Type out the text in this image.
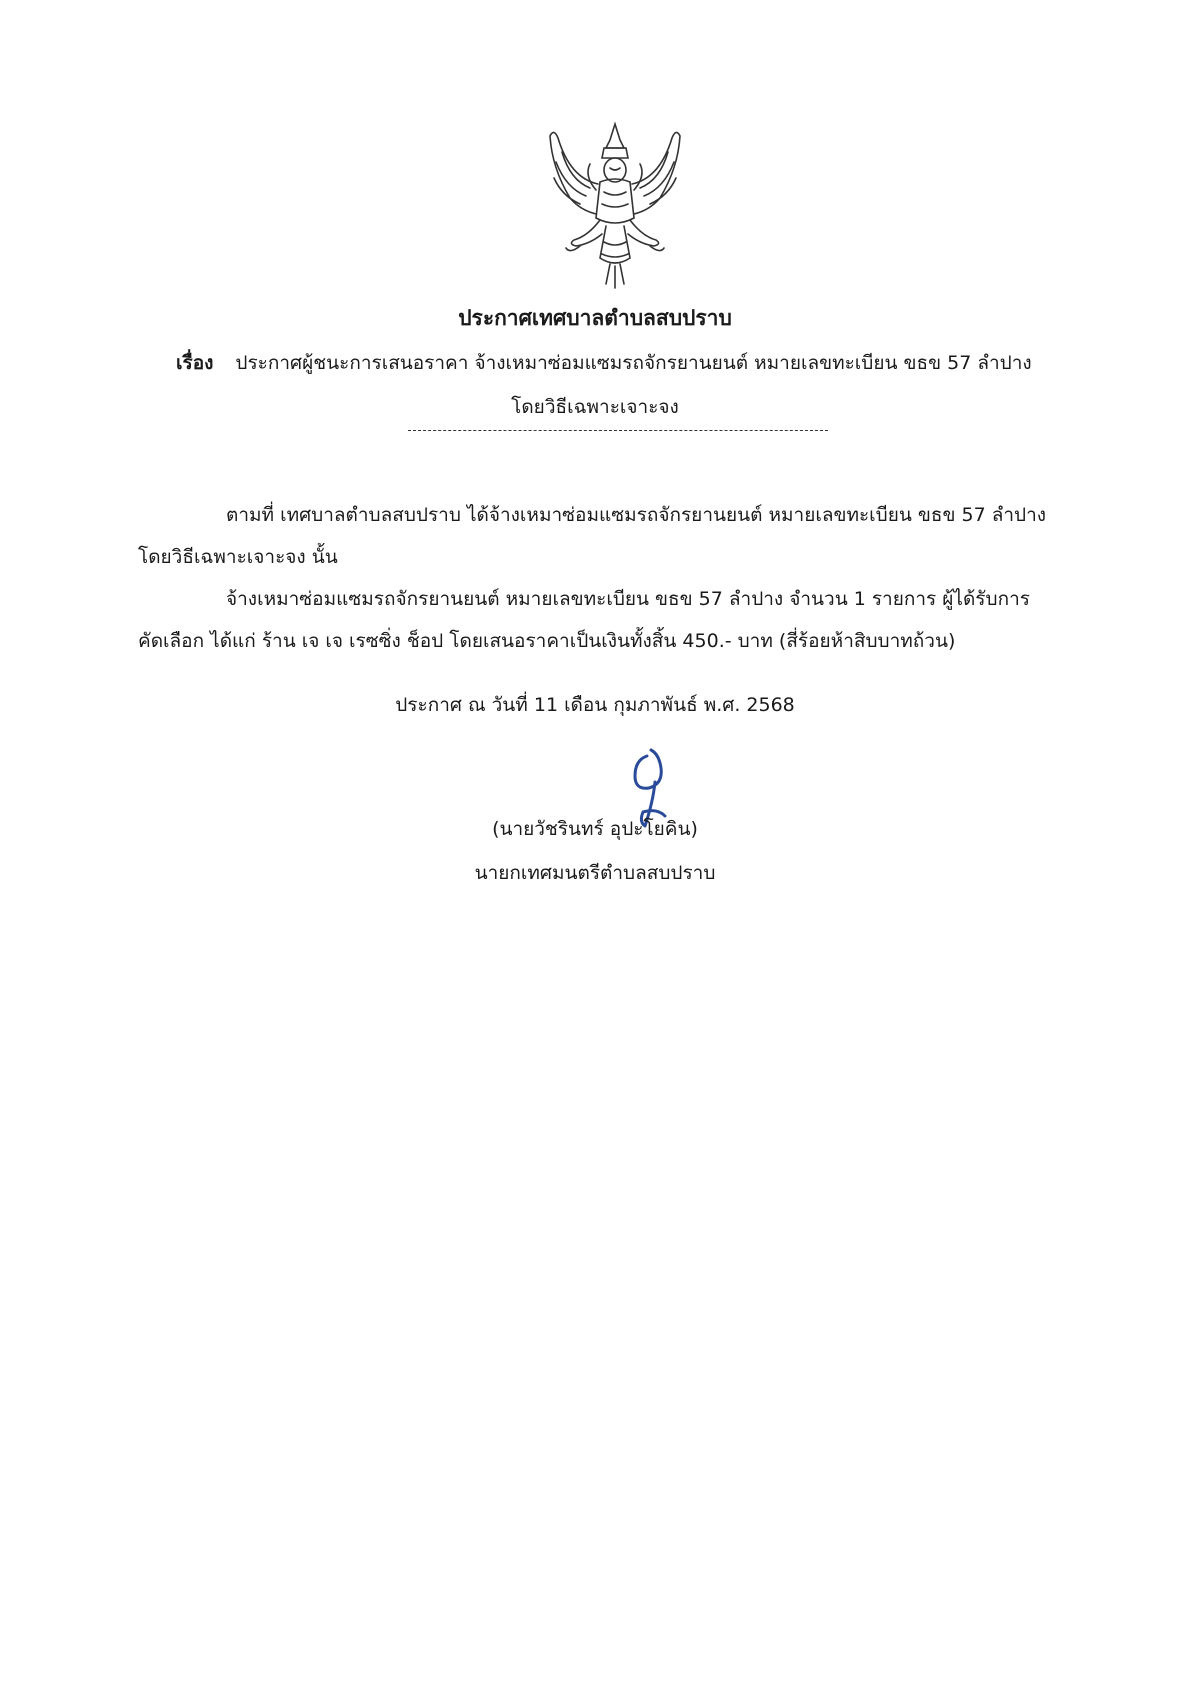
ประกาศเทศบาลตำบลสบปราบ
เรื่อง ประกาศผู้ชนะการเสนอราคา จ้างเหมาซ่อมแซมรถจักรยานยนต์ หมายเลขทะเบียน ขธข 57 ลำปาง
โดยวิธีเฉพาะเจาะจง
ตามที่ เทศบาลตำบลสบปราบ ได้จ้างเหมาซ่อมแซมรถจักรยานยนต์ หมายเลขทะเบียน ขธข 57 ลำปาง
โดยวิธีเฉพาะเจาะจง นั้น
จ้างเหมาซ่อมแซมรถจักรยานยนต์ หมายเลขทะเบียน ขธข 57 ลำปาง จำนวน 1 รายการ ผู้ได้รับการ
คัดเลือก ได้แก่ ร้าน เจ เจ เรซซิ่ง ช็อป โดยเสนอราคาเป็นเงินทั้งสิ้น 450.- บาท (สี่ร้อยห้าสิบบาทถ้วน)
ประกาศ ณ วันที่ 11 เดือน กุมภาพันธ์ พ.ศ. 2568
(นายวัชรินทร์ อุปะโยคิน)
นายกเทศมนตรีตำบลสบปราบ
